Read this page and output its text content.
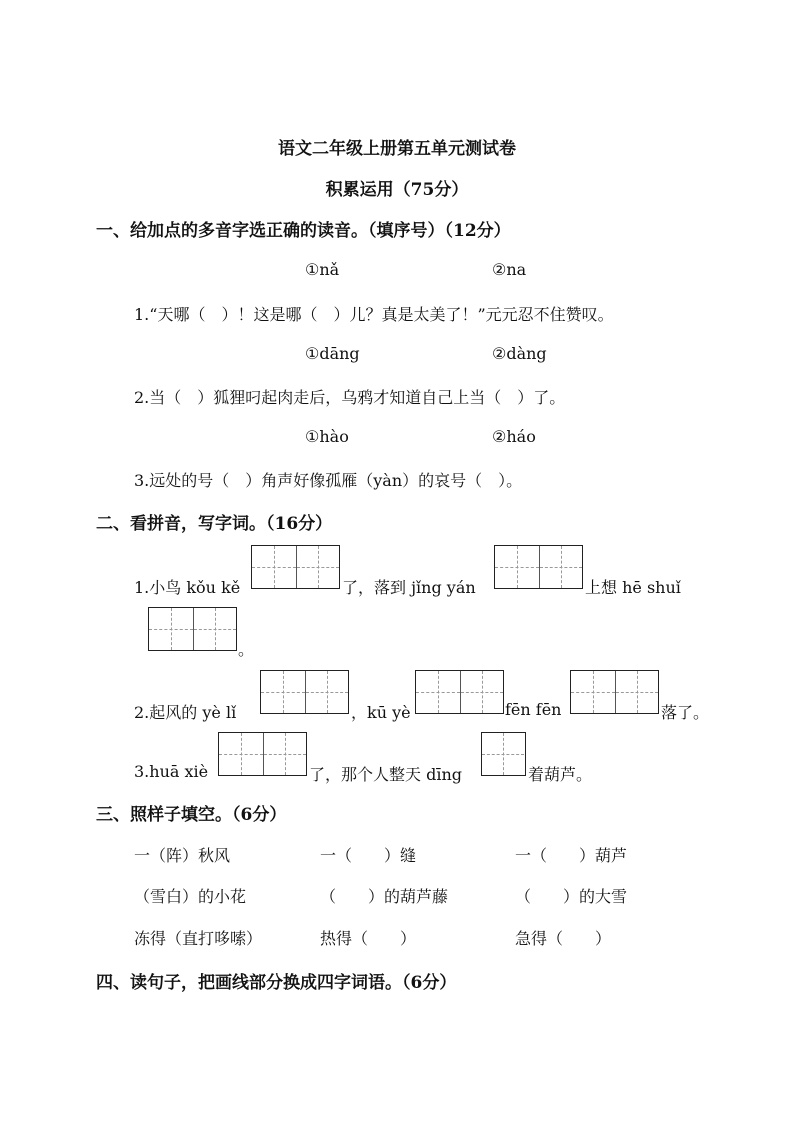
语文二年级上册第五单元测试卷
积累运用（75分）
一、给加点的多音字选正确的读音。（填序号）（12分）
①nǎ	②na
1.“天哪（　）！这是哪（　）儿？真是太美了！”元元忍不住赞叹。
①dāng	②dàng
2.当（　）狐狸叼起肉走后，乌鸦才知道自己上当（　）了。
①hào	②háo
3.远处的号（　）角声好像孤雁（yàn）的哀号（　）。
二、看拼音，写字词。（16分）
1.小鸟 kǒu kě	了，落到 jǐng yán	上想 hē shuǐ
。
2.起风的 yè lǐ	，kū yè	fēn fēn	落了。
3.huā xiè	了，那个人整天 dīng	着葫芦。
三、照样子填空。（6分）
一（阵）秋风	一（　　）缝	一（　　）葫芦
（雪白）的小花	（　　）的葫芦藤	（　　）的大雪
冻得（直打哆嗦）	热得（　　）	急得（　　）
四、读句子，把画线部分换成四字词语。（6分）
